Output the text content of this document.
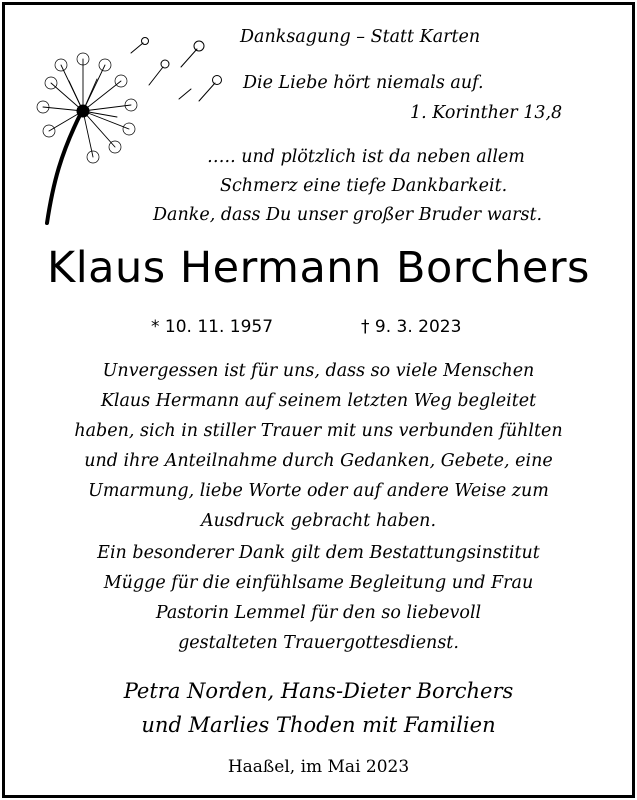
Danksagung – Statt Karten
Die Liebe hört niemals auf.
1. Korinther 13,8
….. und plötzlich ist da neben allem
Schmerz eine tiefe Dankbarkeit.
Danke, dass Du unser großer Bruder warst.
Klaus Hermann Borchers
* 10. 11. 1957	† 9. 3. 2023
Unvergessen ist für uns, dass so viele Menschen
Klaus Hermann auf seinem letzten Weg begleitet
haben, sich in stiller Trauer mit uns verbunden fühlten
und ihre Anteilnahme durch Gedanken, Gebete, eine
Umarmung, liebe Worte oder auf andere Weise zum
Ausdruck gebracht haben.
Ein besonderer Dank gilt dem Bestattungsinstitut
Mügge für die einfühlsame Begleitung und Frau
Pastorin Lemmel für den so liebevoll
gestalteten Trauergottesdienst.
Petra Norden, Hans-Dieter Borchers
und Marlies Thoden mit Familien
Haaßel, im Mai 2023
